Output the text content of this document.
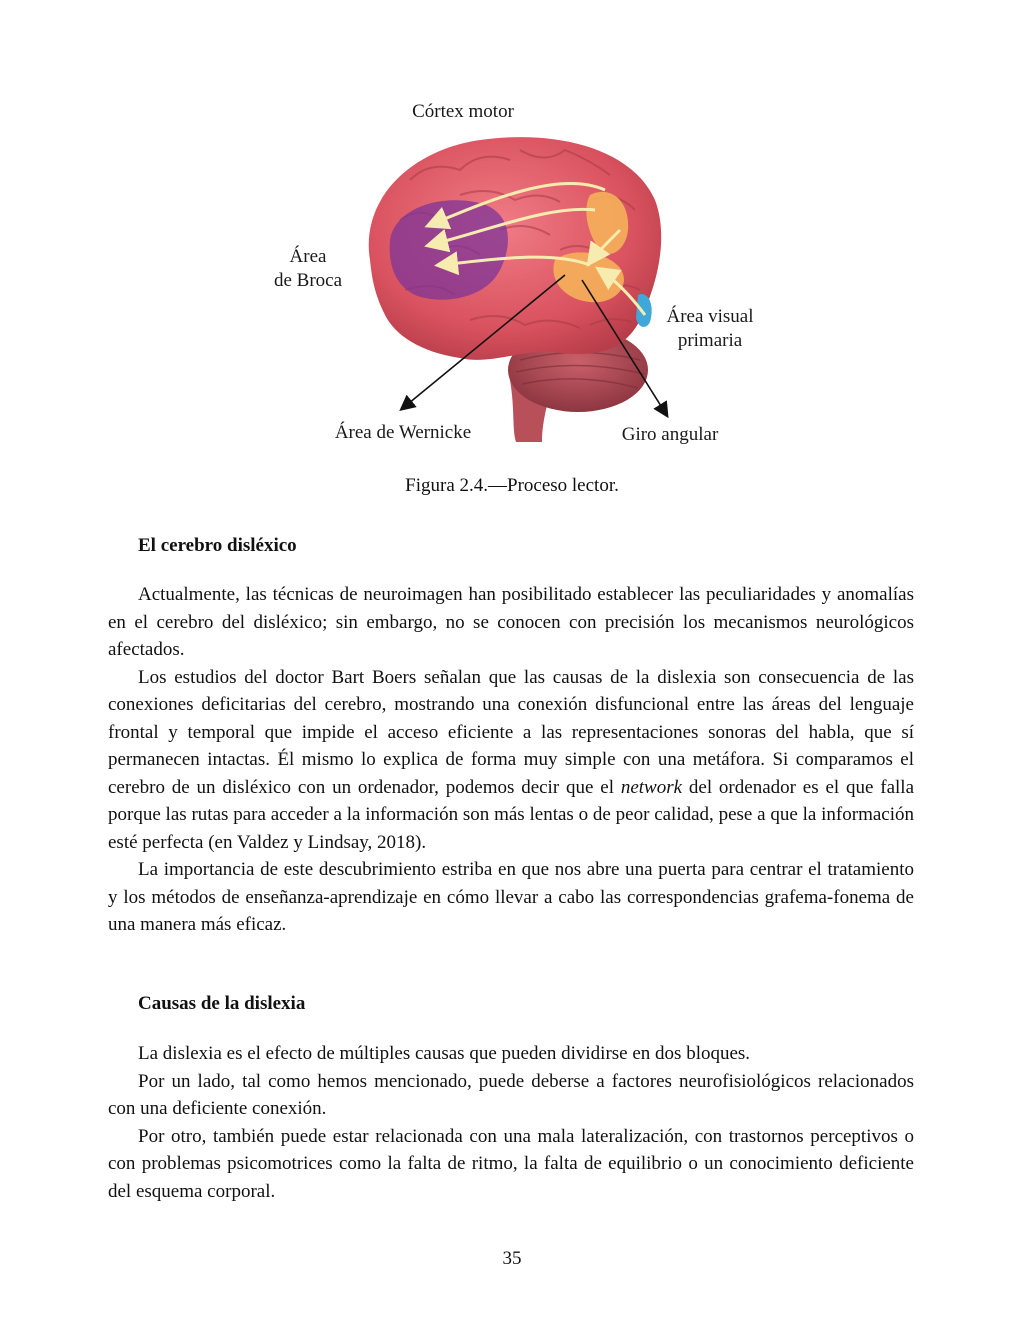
Córtex motor
Área
de Broca
Área visual
primaria
Área de Wernicke	Giro angular
Figura 2.4.—Proceso lector.
El cerebro disléxico

Actualmente, las técnicas de neuroimagen han posibilitado establecer las peculiaridades y anomalías en el cerebro del disléxico; sin embargo, no se conocen con precisión los mecanismos neurológicos afectados.

Los estudios del doctor Bart Boers señalan que las causas de la dislexia son consecuencia de las conexiones deficitarias del cerebro, mostrando una conexión disfuncional entre las áreas del lenguaje frontal y temporal que impide el acceso eficiente a las representaciones sonoras del habla, que sí permanecen intactas. Él mismo lo explica de forma muy simple con una metáfora. Si comparamos el cerebro de un disléxico con un ordenador, podemos decir que el network del ordenador es el que falla porque las rutas para acceder a la información son más lentas o de peor calidad, pese a que la información esté perfecta (en Valdez y Lindsay, 2018).

La importancia de este descubrimiento estriba en que nos abre una puerta para centrar el tratamiento y los métodos de enseñanza-aprendizaje en cómo llevar a cabo las correspondencias grafema-fonema de una manera más eficaz.

Causas de la dislexia

La dislexia es el efecto de múltiples causas que pueden dividirse en dos bloques.

Por un lado, tal como hemos mencionado, puede deberse a factores neurofisiológicos relacionados con una deficiente conexión.

Por otro, también puede estar relacionada con una mala lateralización, con trastornos perceptivos o con problemas psicomotrices como la falta de ritmo, la falta de equilibrio o un conocimiento deficiente del esquema corporal.

35
